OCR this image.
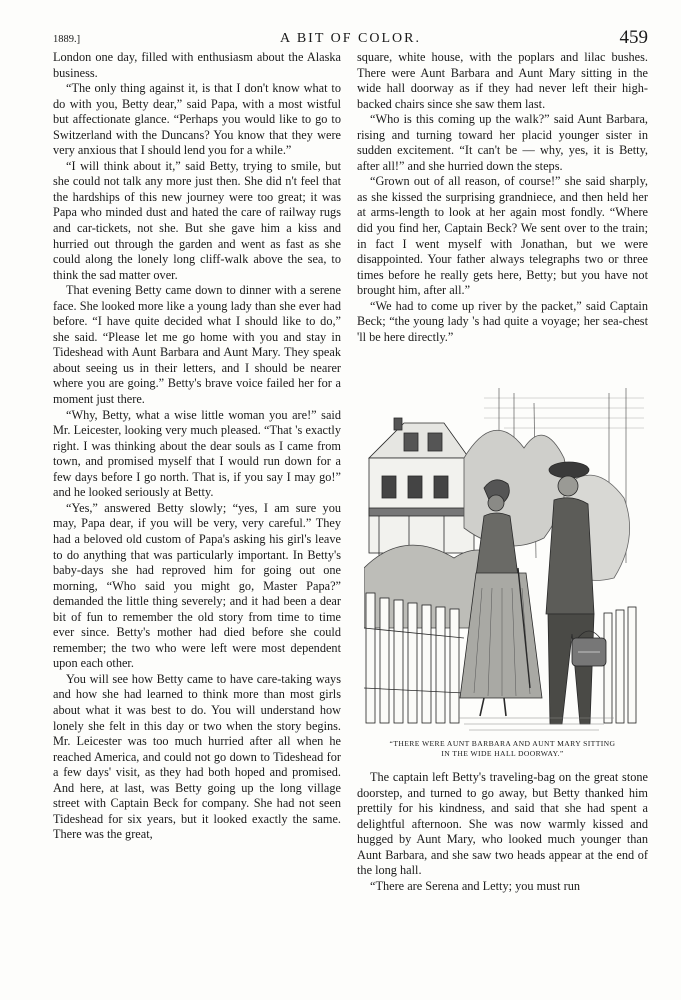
1889.]	A BIT OF COLOR.	459

London one day, filled with enthusiasm about the Alaska business.

“The only thing against it, is that I don't know what to do with you, Betty dear,” said Papa, with a most wistful but affectionate glance. “Perhaps you would like to go to Switzerland with the Duncans? You know that they were very anxious that I should lend you for a while.”

“I will think about it,” said Betty, trying to smile, but she could not talk any more just then. She did n't feel that the hardships of this new journey were too great; it was Papa who minded dust and hated the care of railway rugs and car-tickets, not she. But she gave him a kiss and hurried out through the garden and went as fast as she could along the lonely long cliff-walk above the sea, to think the sad matter over.

That evening Betty came down to dinner with a serene face. She looked more like a young lady than she ever had before. “I have quite decided what I should like to do,” she said. “Please let me go home with you and stay in Tideshead with Aunt Barbara and Aunt Mary. They speak about seeing us in their letters, and I should be nearer where you are going.” Betty's brave voice failed her for a moment just there.

“Why, Betty, what a wise little woman you are!” said Mr. Leicester, looking very much pleased. “That 's exactly right. I was thinking about the dear souls as I came from town, and promised myself that I would run down for a few days before I go north. That is, if you say I may go!” and he looked seriously at Betty.

“Yes,” answered Betty slowly; “yes, I am sure you may, Papa dear, if you will be very, very careful.” They had a beloved old custom of Papa's asking his girl's leave to do anything that was particularly important. In Betty's baby-days she had reproved him for going out one morning, “Who said you might go, Master Papa?” demanded the little thing severely; and it had been a dear bit of fun to remember the old story from time to time ever since. Betty's mother had died before she could remember; the two who were left were most dependent upon each other.

You will see how Betty came to have care-taking ways and how she had learned to think more than most girls about what it was best to do. You will understand how lonely she felt in this day or two when the story begins. Mr. Leicester was too much hurried after all when he reached America, and could not go down to Tideshead for a few days' visit, as they had both hoped and promised. And here, at last, was Betty going up the long village street with Captain Beck for company. She had not seen Tideshead for six years, but it looked exactly the same. There was the great,

square, white house, with the poplars and lilac bushes. There were Aunt Barbara and Aunt Mary sitting in the wide hall doorway as if they had never left their high-backed chairs since she saw them last.

“Who is this coming up the walk?” said Aunt Barbara, rising and turning toward her placid younger sister in sudden excitement. “It can't be — why, yes, it is Betty, after all!” and she hurried down the steps.

“Grown out of all reason, of course!” she said sharply, as she kissed the surprising grandniece, and then held her at arms-length to look at her again most fondly. “Where did you find her, Captain Beck? We sent over to the train; in fact I went myself with Jonathan, but we were disappointed. Your father always telegraphs two or three times before he really gets here, Betty; but you have not brought him, after all.”

“We had to come up river by the packet,” said Captain Beck; “the young lady 's had quite a voyage; her sea-chest 'll be here directly.”

“THERE WERE AUNT BARBARA AND AUNT MARY SITTING
IN THE WIDE HALL DOORWAY.”

The captain left Betty's traveling-bag on the great stone doorstep, and turned to go away, but Betty thanked him prettily for his kindness, and said that she had spent a delightful afternoon. She was now warmly kissed and hugged by Aunt Mary, who looked much younger than Aunt Barbara, and she saw two heads appear at the end of the long hall.

“There are Serena and Letty; you must run
